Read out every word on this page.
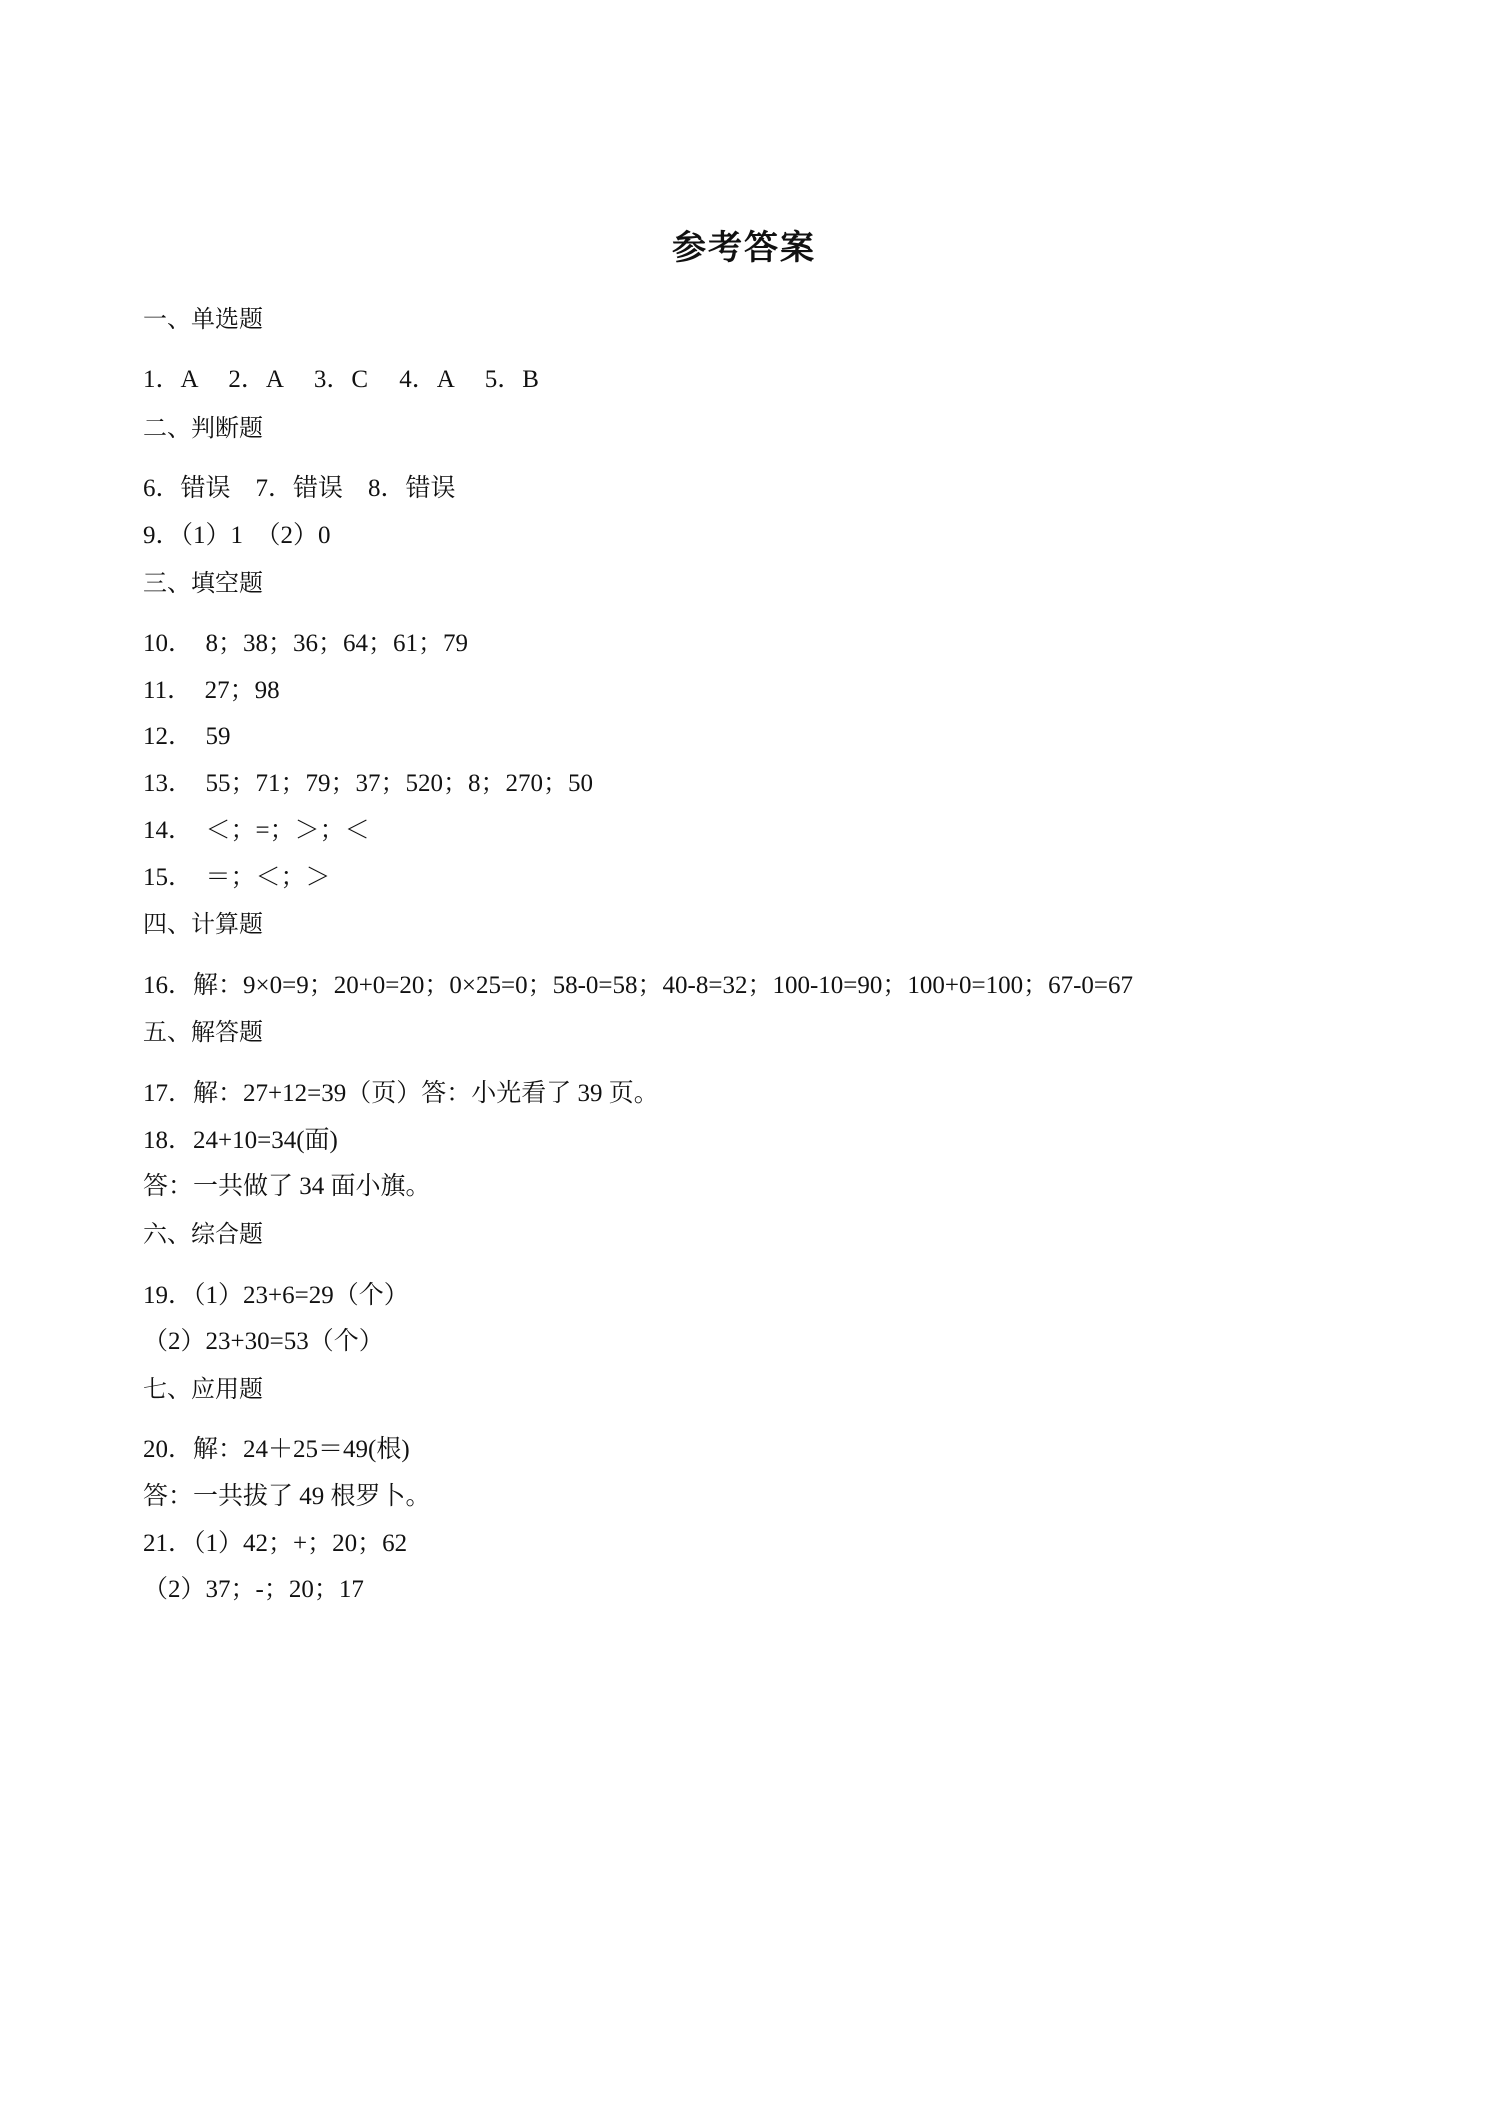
参考答案
一、单选题
1．A　 2．A　 3．C　 4．A　 5．B
二、判断题
6．错误　7．错误　8．错误
9．（1）1　（2）0
三、填空题
10．  8；38；36；64；61；79
11．  27；98
12．  59
13．  55；71；79；37；520；8；270；50
14．  ＜；=；＞；＜
15．  ＝；＜；＞
四、计算题
16．解：9×0=9；20+0=20；0×25=0；58-0=58；40-8=32；100-10=90；100+0=100；67-0=67
五、解答题
17．解：27+12=39（页）答：小光看了 39 页。
18．24+10=34(面)
答：一共做了 34 面小旗。
六、综合题
19．（1）23+6=29（个）
（2）23+30=53（个）
七、应用题
20．解：24＋25＝49(根)
答：一共拔了 49 根罗卜。
21．（1）42；+；20；62
（2）37；-；20；17
